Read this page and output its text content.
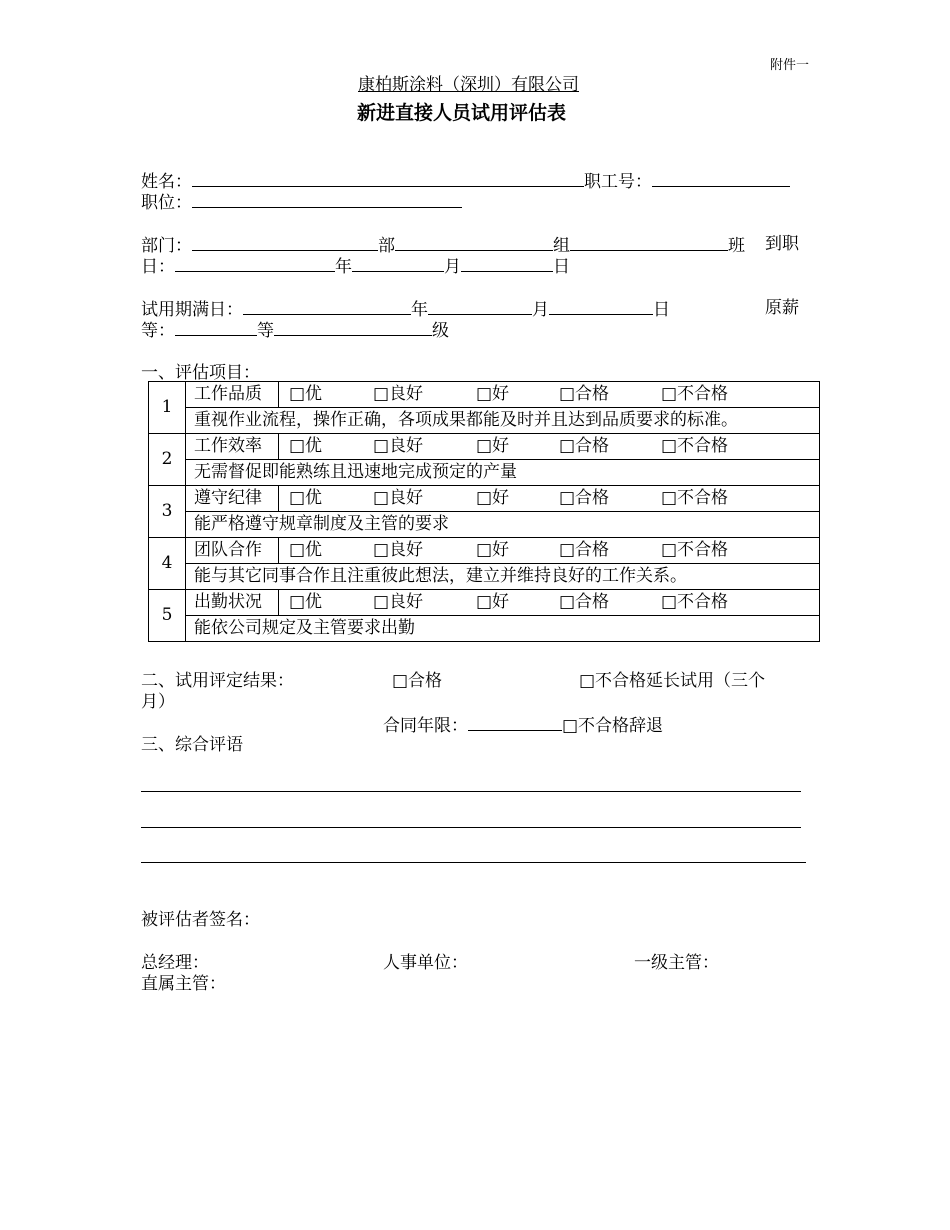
附件一
康柏斯涂料（深圳）有限公司
新进直接人员试用评估表
姓名：	职工号：
职位：
部门：	部	组	班 到职
日：	年	月	日
试用期满日：	年	月	日	原薪
等：	等	级
一、评估项目：
1	工作品质	□优 □良好 □好 □合格 □不合格

	重视作业流程，操作正确，各项成果都能及时并且达到品质要求的标准。	
2	工作效率	□优 □良好 □好 □合格 □不合格

	无需督促即能熟练且迅速地完成预定的产量	
3	遵守纪律	□优 □良好 □好 □合格 □不合格

	能严格遵守规章制度及主管的要求	
4	团队合作	□优 □良好 □好 □合格 □不合格

	能与其它同事合作且注重彼此想法，建立并维持良好的工作关系。	
5	出勤状况	□优 □良好 □好 □合格 □不合格

	能依公司规定及主管要求出勤	
二、试用评定结果：	□合格	□不合格延长试用（三个
月）
合同年限：	□不合格辞退
三、综合评语
被评估者签名：
总经理：	人事单位：	一级主管：
直属主管：
